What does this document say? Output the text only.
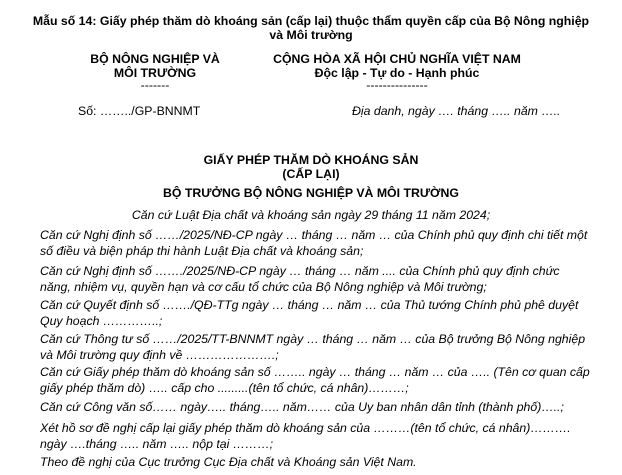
Mẫu số 14: Giấy phép thăm dò khoáng sản (cấp lại) thuộc thẩm quyền cấp của Bộ Nông nghiệp và Môi trường
BỘ NÔNG NGHIỆP VÀ
MÔI TRƯỜNG
-------
Số: ……../GP-BNNMT
CỘNG HÒA XÃ HỘI CHỦ NGHĨA VIỆT NAM
Độc lập - Tự do - Hạnh phúc
---------------
Địa danh, ngày …. tháng ….. năm …..
GIẤY PHÉP THĂM DÒ KHOÁNG SẢN
(CẤP LẠI)
BỘ TRƯỞNG BỘ NÔNG NGHIỆP VÀ MÔI TRƯỜNG
Căn cứ Luật Địa chất và khoáng sản ngày 29 tháng 11 năm 2024;
Căn cứ Nghị định số ……/2025/NĐ-CP ngày … tháng … năm … của Chính phủ quy định chi tiết một số điều và biện pháp thi hành Luật Địa chất và khoáng sản;
Căn cứ Nghị định số ……./2025/NĐ-CP ngày … tháng … năm .... của Chính phủ quy định chức năng, nhiệm vụ, quyền hạn và cơ cấu tổ chức của Bộ Nông nghiệp và Môi trường;
Căn cứ Quyết định số ……./QĐ-TTg ngày … tháng … năm … của Thủ tướng Chính phủ phê duyệt Quy hoạch …………..;
Căn cứ Thông tư số ……/2025/TT-BNNMT ngày … tháng … năm … của Bộ trưởng Bộ Nông nghiệp và Môi trường quy định về ………………….;
Căn cứ Giấy phép thăm dò khoáng sản số …….. ngày … tháng … năm … của ….. (Tên cơ quan cấp giấy phép thăm dò) ….. cấp cho .........(tên tổ chức, cá nhân)………;
Căn cứ Công văn số…… ngày….. tháng….. năm…… của Uy ban nhân dân tỉnh (thành phố)…..;
Xét hồ sơ đề nghị cấp lại giấy phép thăm dò khoáng sản của ………(tên tổ chức, cá nhân)………. ngày ….tháng ….. năm ….. nộp tại ………;
Theo đề nghị của Cục trưởng Cục Địa chất và Khoáng sản Việt Nam.
